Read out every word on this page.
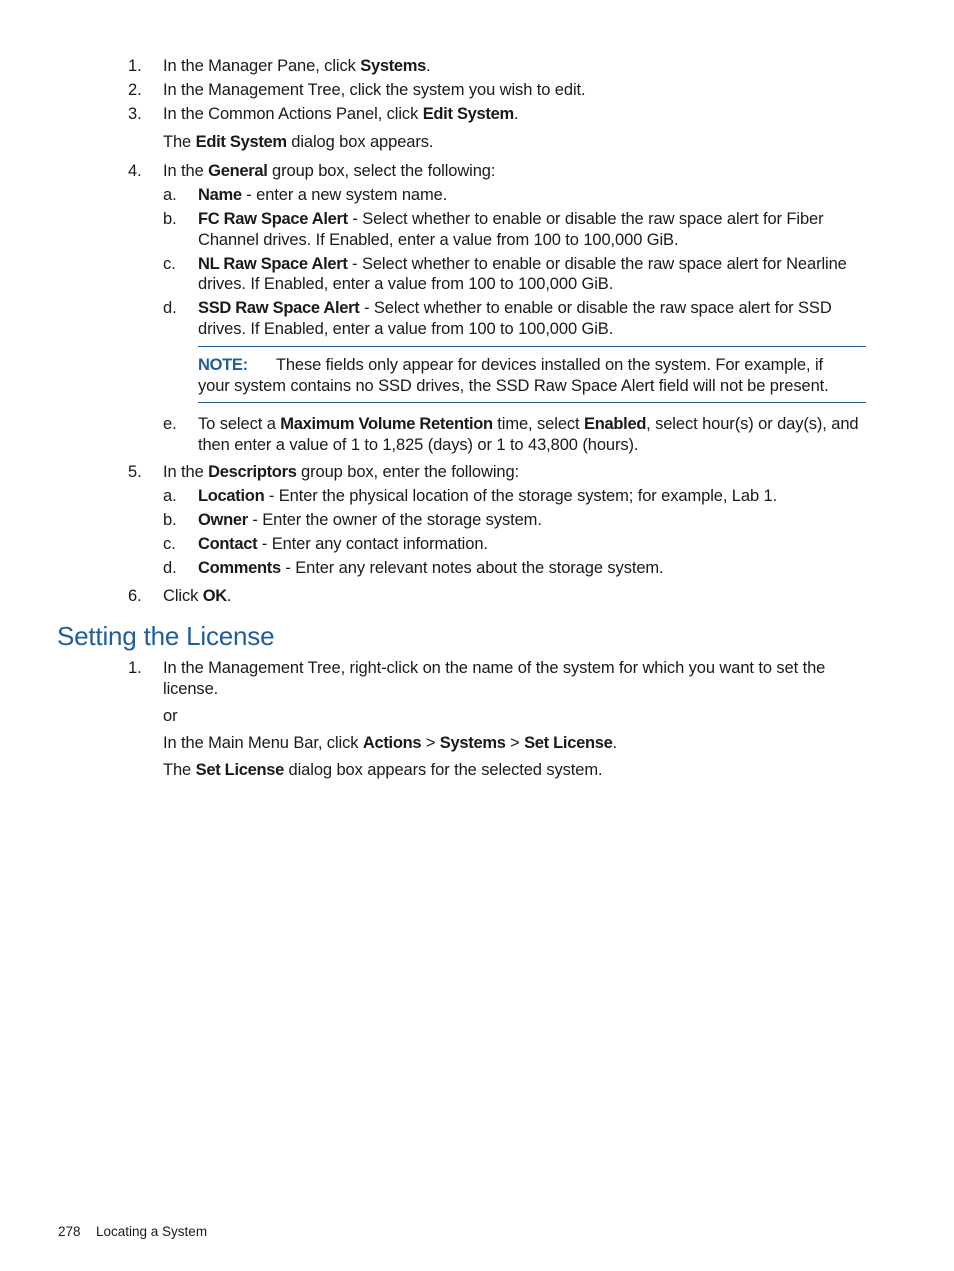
1. In the Manager Pane, click Systems.
2. In the Management Tree, click the system you wish to edit.
3. In the Common Actions Panel, click Edit System.
The Edit System dialog box appears.
4. In the General group box, select the following:
a. Name - enter a new system name.
b. FC Raw Space Alert - Select whether to enable or disable the raw space alert for Fiber
Channel drives. If Enabled, enter a value from 100 to 100,000 GiB.
c. NL Raw Space Alert - Select whether to enable or disable the raw space alert for Nearline
drives. If Enabled, enter a value from 100 to 100,000 GiB.
d. SSD Raw Space Alert - Select whether to enable or disable the raw space alert for SSD
drives. If Enabled, enter a value from 100 to 100,000 GiB.
NOTE: These fields only appear for devices installed on the system. For example, if
your system contains no SSD drives, the SSD Raw Space Alert field will not be present.
e. To select a Maximum Volume Retention time, select Enabled, select hour(s) or day(s), and
then enter a value of 1 to 1,825 (days) or 1 to 43,800 (hours).
5. In the Descriptors group box, enter the following:
a. Location - Enter the physical location of the storage system; for example, Lab 1.
b. Owner - Enter the owner of the storage system.
c. Contact - Enter any contact information.
d. Comments - Enter any relevant notes about the storage system.
6. Click OK.
Setting the License
1. In the Management Tree, right-click on the name of the system for which you want to set the
license.
or
In the Main Menu Bar, click Actions > Systems > Set License.
The Set License dialog box appears for the selected system.
278 Locating a System
